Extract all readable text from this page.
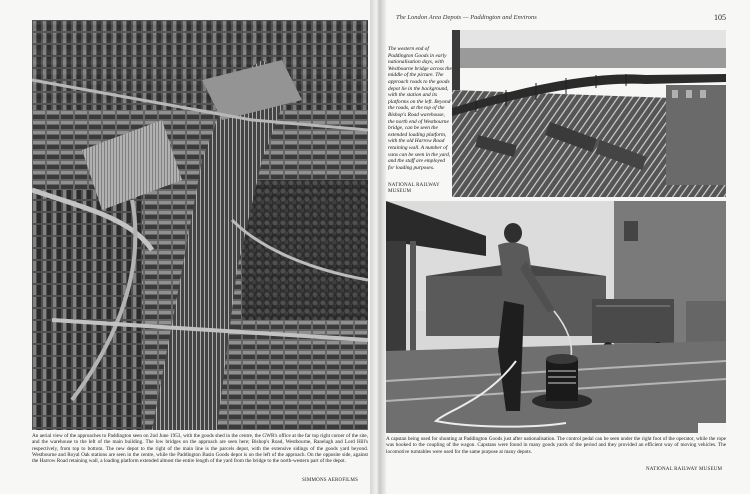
An aerial view of the approaches to Paddington seen on 2nd June 1953, with the goods shed in the centre, the GWR's office at the far top right corner of the site, and the warehouse to the left of the main building. The low bridges on the approach are seen here; Bishop's Road, Westbourne, Ranelagh and Lord Hill's respectively, from top to bottom. The new depot to the right of the main line is the parcels depot, with the extensive sidings of the goods yard beyond. Westbourne and Royal Oak stations are seen in the centre, while the Paddington Basin Goods depot is on the left of the approach. On the opposite side, against the Harrow Road retaining wall, a loading platform extended almost the entire length of the yard from the bridge to the north-western part of the depot.
SIMMONS AEROFILMS
The London Area Depots — Paddington and Environs	105
The western end of Paddington Goods in early nationalisation days, with Westbourne bridge across the middle of the picture. The approach roads to the goods depot lie in the background, with the station and its platforms on the left. Beyond the roads, at the top of the Bishop's Road warehouse, the north end of Westbourne bridge, can be seen the extended loading platform, with the old Harrow Road retaining wall. A number of vans can be seen in the yard, and the staff are employed for loading purposes.
NATIONAL RAILWAY MUSEUM
A capstan being used for shunting at Paddington Goods just after nationalisation. The control pedal can be seen under the right foot of the operator, while the rope was hooked to the coupling of the wagon. Capstans were found in many goods yards of the period and they provided an efficient way of moving vehicles. The locomotive turntables were used for the same purpose at many depots.
NATIONAL RAILWAY MUSEUM
